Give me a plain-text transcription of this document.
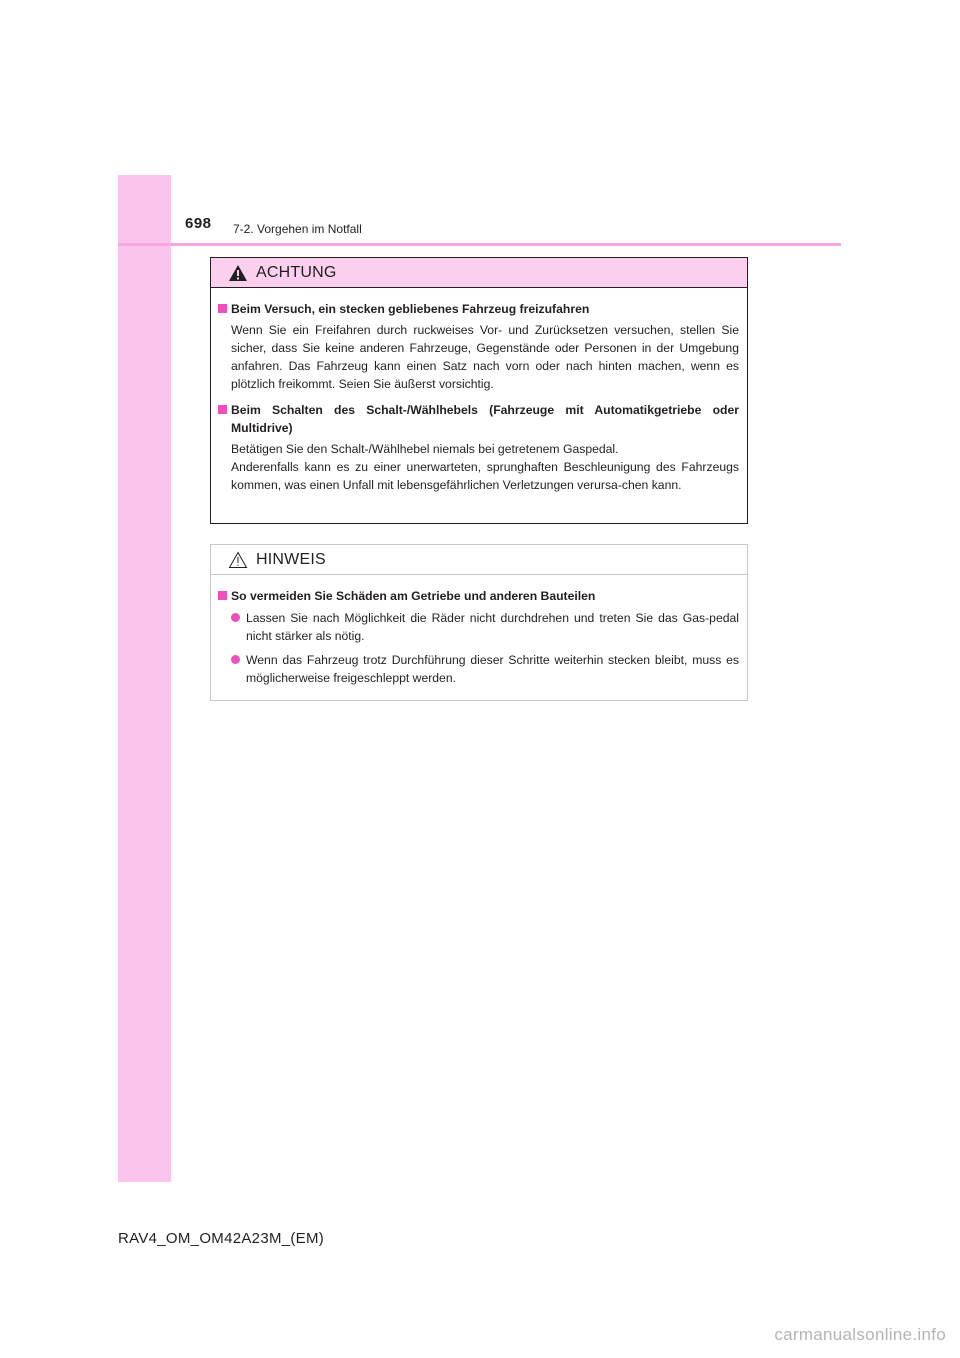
698 7-2. Vorgehen im Notfall
ACHTUNG
Beim Versuch, ein stecken gebliebenes Fahrzeug freizufahren
Wenn Sie ein Freifahren durch ruckweises Vor- und Zurücksetzen versuchen, stellen Sie sicher, dass Sie keine anderen Fahrzeuge, Gegenstände oder Personen in der Umgebung anfahren. Das Fahrzeug kann einen Satz nach vorn oder nach hinten machen, wenn es plötzlich freikommt. Seien Sie äußerst vorsichtig.
Beim Schalten des Schalt-/Wählhebels (Fahrzeuge mit Automatikgetriebe oder Multidrive)
Betätigen Sie den Schalt-/Wählhebel niemals bei getretenem Gaspedal.
Anderenfalls kann es zu einer unerwarteten, sprunghaften Beschleunigung des Fahrzeugs kommen, was einen Unfall mit lebensgefährlichen Verletzungen verursa-chen kann.
HINWEIS
So vermeiden Sie Schäden am Getriebe und anderen Bauteilen
Lassen Sie nach Möglichkeit die Räder nicht durchdrehen und treten Sie das Gas-pedal nicht stärker als nötig.
Wenn das Fahrzeug trotz Durchführung dieser Schritte weiterhin stecken bleibt, muss es möglicherweise freigeschleppt werden.
RAV4_OM_OM42A23M_(EM)
carmanualsonline.info
